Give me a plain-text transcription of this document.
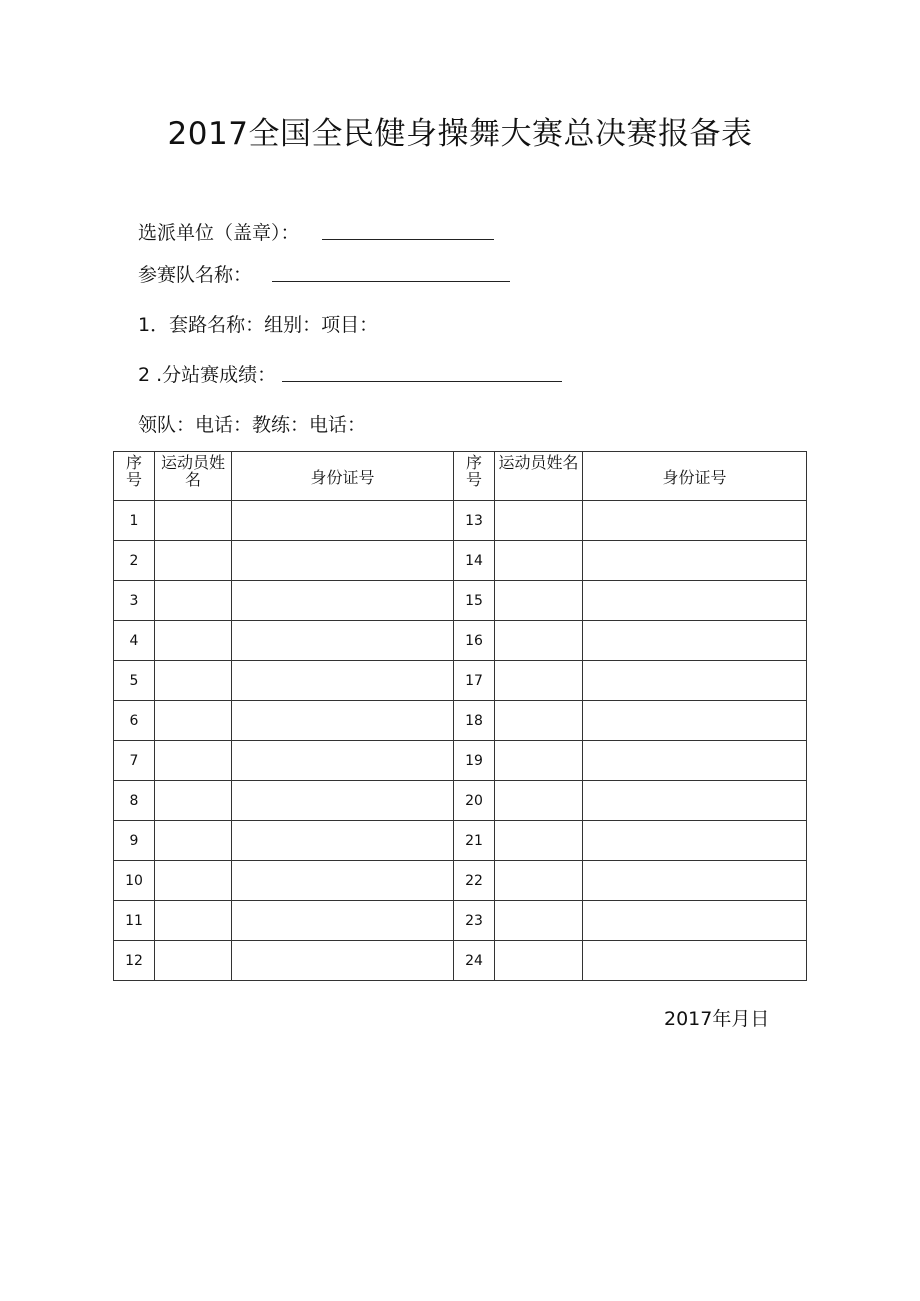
2017全国全民健身操舞大赛总决赛报备表
选派单位（盖章）：
参赛队名称：
1．套路名称：组别：项目：
2 .分站赛成绩：
领队：电话：教练：电话：
序号	运动员姓名	身份证号	序号	运动员姓名	身份证号
1			13		
2			14		
3			15		
4			16		
5			17		
6			18		
7			19		
8			20		
9			21		
10			22		
11			23		
12			24		
2017年月日
